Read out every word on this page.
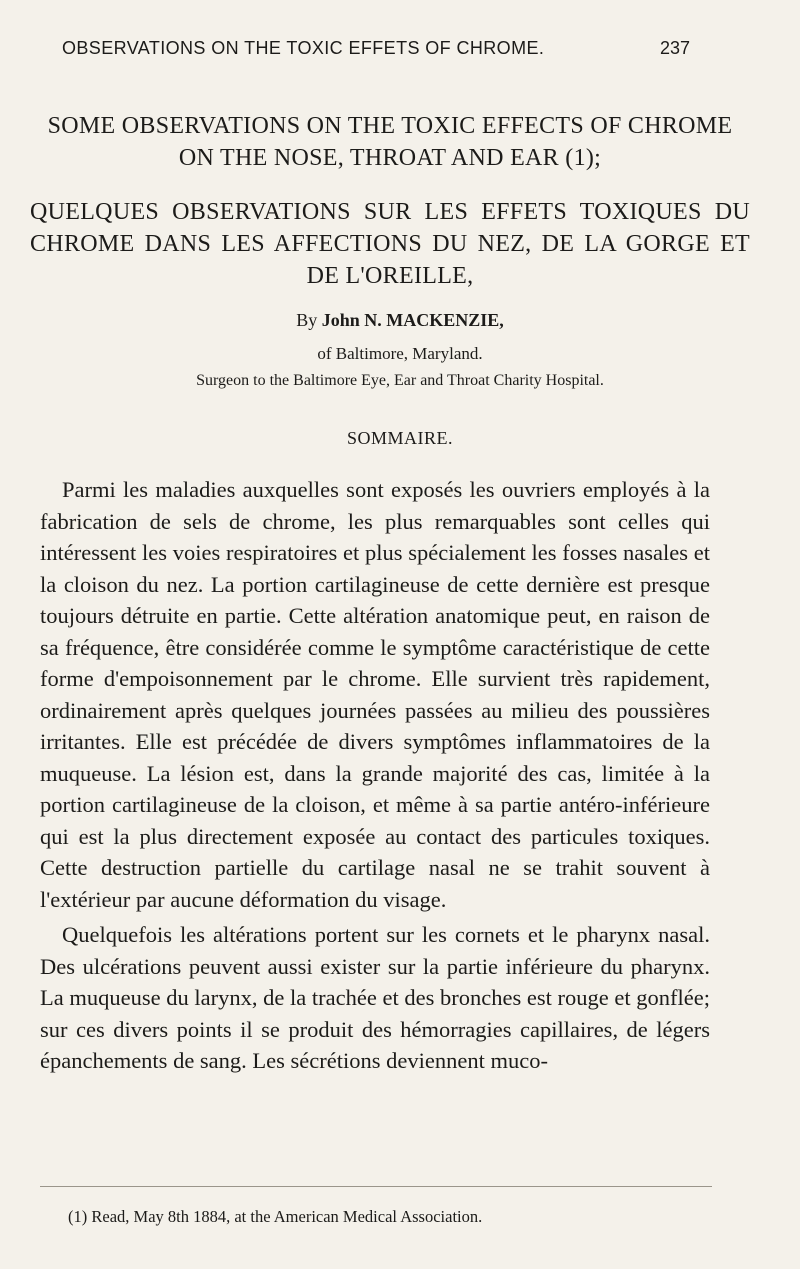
OBSERVATIONS ON THE TOXIC EFFETS OF CHROME.	237
SOME OBSERVATIONS ON THE TOXIC EFFECTS OF CHROME ON THE NOSE, THROAT AND EAR (1);
QUELQUES OBSERVATIONS SUR LES EFFETS TOXIQUES DU CHROME DANS LES AFFECTIONS DU NEZ, DE LA GORGE ET DE L'OREILLE,
By John N. MACKENZIE,
of Baltimore, Maryland.
Surgeon to the Baltimore Eye, Ear and Throat Charity Hospital.
SOMMAIRE.

Parmi les maladies auxquelles sont exposés les ouvriers employés à la fabrication de sels de chrome, les plus remarquables sont celles qui intéressent les voies respiratoires et plus spécialement les fosses nasales et la cloison du nez. La portion cartilagineuse de cette dernière est presque toujours détruite en partie. Cette altération anatomique peut, en raison de sa fréquence, être considérée comme le symptôme caractéristique de cette forme d'empoisonnement par le chrome. Elle survient très rapidement, ordinairement après quelques journées passées au milieu des poussières irritantes. Elle est précédée de divers symptômes inflammatoires de la muqueuse. La lésion est, dans la grande majorité des cas, limitée à la portion cartilagineuse de la cloison, et même à sa partie antéro-inférieure qui est la plus directement exposée au contact des particules toxiques. Cette destruction partielle du cartilage nasal ne se trahit souvent à l'extérieur par aucune déformation du visage.

Quelquefois les altérations portent sur les cornets et le pharynx nasal. Des ulcérations peuvent aussi exister sur la partie inférieure du pharynx. La muqueuse du larynx, de la trachée et des bronches est rouge et gonflée; sur ces divers points il se produit des hémorragies capillaires, de légers épanchements de sang. Les sécrétions deviennent muco-

(1) Read, May 8th 1884, at the American Medical Association.
